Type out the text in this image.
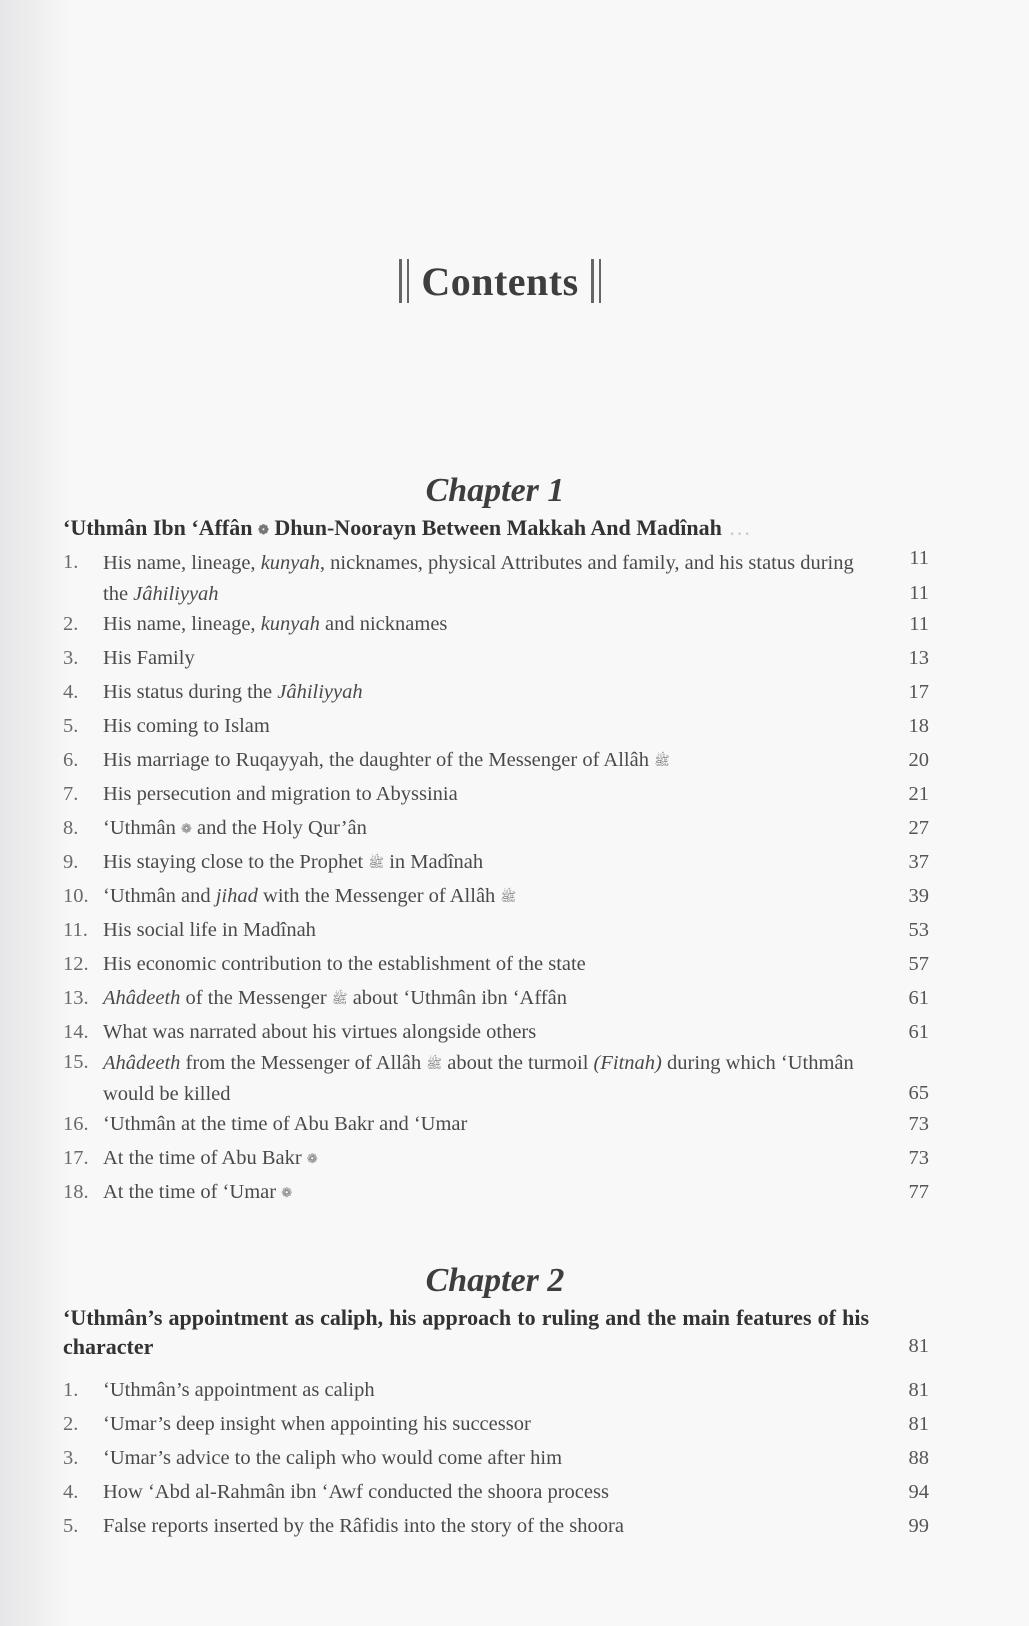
Contents
Chapter 1
‘Uthmân Ibn ‘Affân ❁ Dhun-Noorayn Between Makkah And Madînah ...
11
1.	His name, lineage, kunyah, nicknames, physical Attributes and family, and his status during the Jâhiliyyah	11
2.	His name, lineage, kunyah and nicknames	11
3.	His Family	13
4.	His status during the Jâhiliyyah	17
5.	His coming to Islam	18
6.	His marriage to Ruqayyah, the daughter of the Messenger of Allâh ﷺ	20
7.	His persecution and migration to Abyssinia	21
8.	‘Uthmân ❁ and the Holy Qur’ân	27
9.	His staying close to the Prophet ﷺ in Madînah	37
10. ‘Uthmân and jihad with the Messenger of Allâh ﷺ	39
11. His social life in Madînah	53
12. His economic contribution to the establishment of the state	57
13. Ahâdeeth of the Messenger ﷺ about ‘Uthmân ibn ‘Affân	61
14. What was narrated about his virtues alongside others	61
15. Ahâdeeth from the Messenger of Allâh ﷺ about the turmoil (Fitnah) during which ‘Uthmân would be killed	65
16. ‘Uthmân at the time of Abu Bakr and ‘Umar	73
17. At the time of Abu Bakr ❁	73
18. At the time of ‘Umar ❁	77
Chapter 2
‘Uthmân’s appointment as caliph, his approach to ruling and the main features of his character	81
1.	‘Uthmân’s appointment as caliph	81
2.	‘Umar’s deep insight when appointing his successor	81
3.	‘Umar’s advice to the caliph who would come after him	88
4.	How ‘Abd al-Rahmân ibn ‘Awf conducted the shoora process	94
5.	False reports inserted by the Râfidis into the story of the shoora	99
